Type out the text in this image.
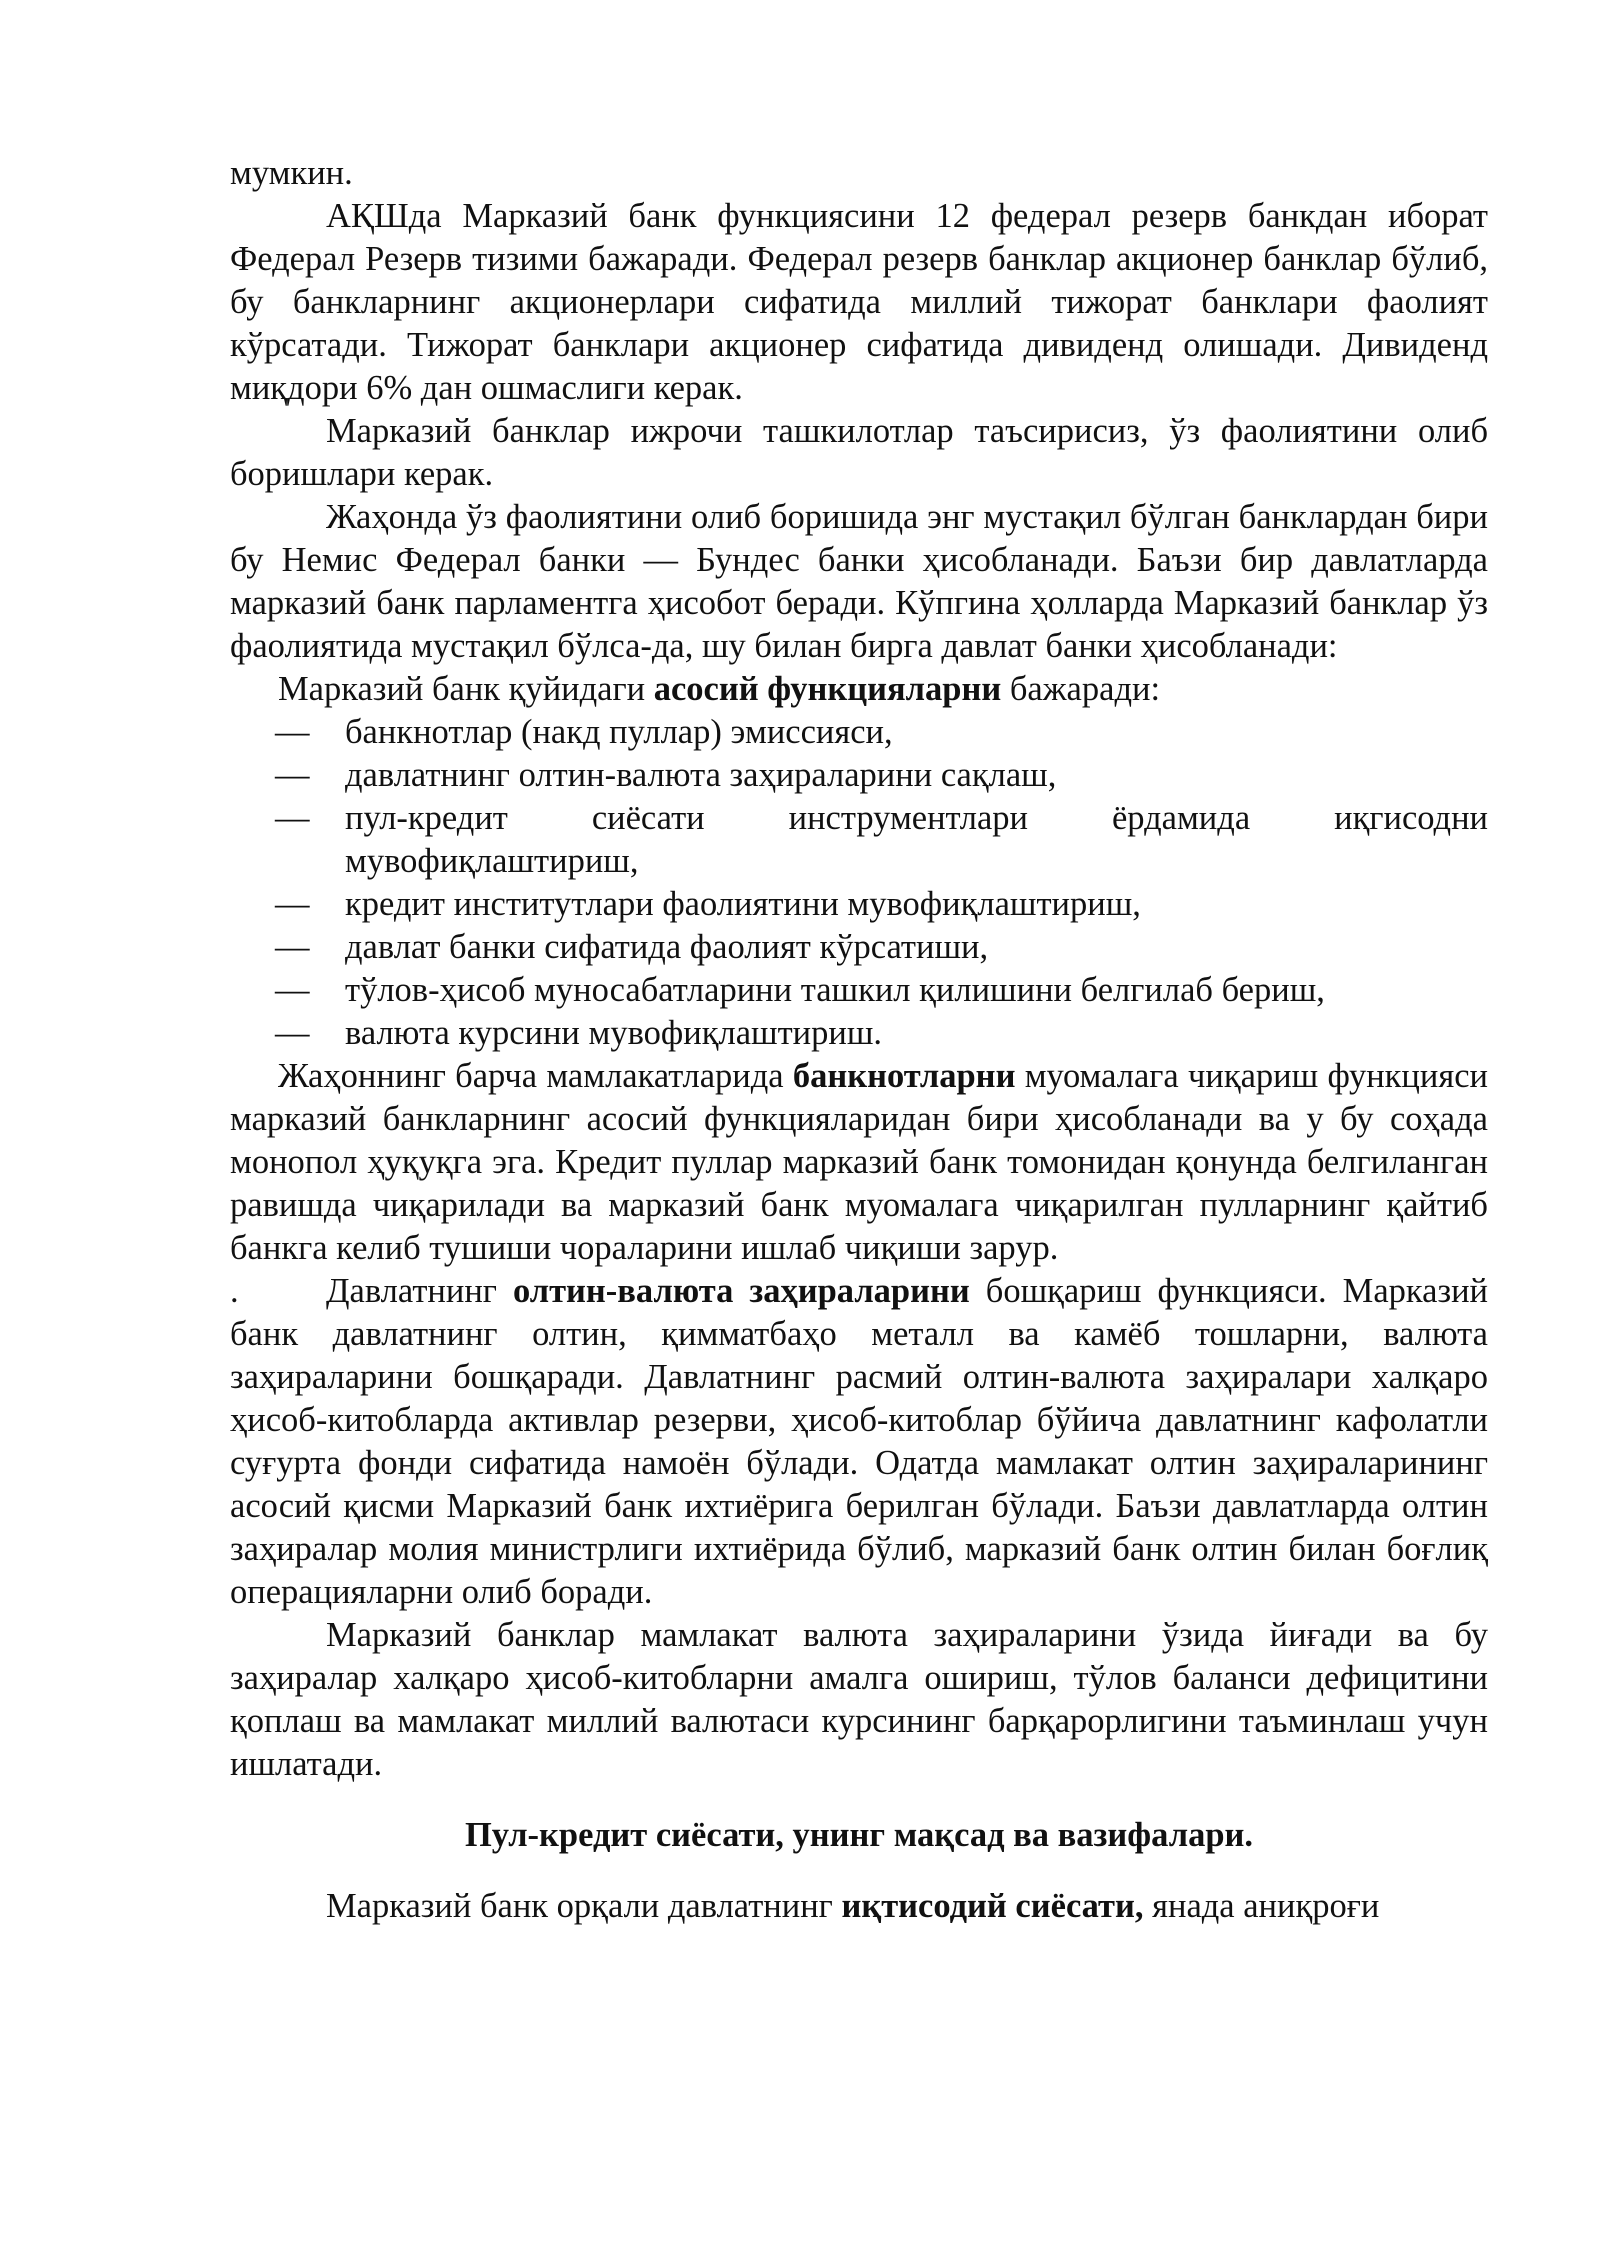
мумкин.

АҚШда Марказий банк функциясини 12 федерал резерв банкдан иборат Федерал Резерв тизими бажаради. Федерал резерв банклар акционер банклар бўлиб, бу банкларнинг акционерлари сифатида миллий тижорат банклари фаолият кўрсатади. Тижорат банклари акционер сифатида дивиденд олишади. Дивиденд миқдори 6% дан ошмаслиги керак.

Марказий банклар ижрочи ташкилотлар таъсирисиз, ўз фаолиятини олиб боришлари керак.

Жаҳонда ўз фаолиятини олиб боришида энг мустақил бўлган банклардан бири бу Немис Федерал банки — Бундес банки ҳисобланади. Баъзи бир давлатларда марказий банк парламентга ҳисобот беради. Кўпгина ҳолларда Марказий банклар ўз фаолиятида мустақил бўлса-да, шу билан бирга давлат банки ҳисобланади:

Марказий банк қуйидаги асосий функцияларни бажаради:

— банкнотлар (накд пуллар) эмиссияси,
— давлатнинг олтин-валюта заҳираларини сақлаш,
— пул-кредит сиёсати инструментлари ёрдамида иқгисодни мувофиқлаштириш,
— кредит институтлари фаолиятини мувофиқлаштириш,
— давлат банки сифатида фаолият кўрсатиши,
— тўлов-ҳисоб муносабатларини ташкил қилишини белгилаб бериш,
— валюта курсини мувофиқлаштириш.

Жаҳоннинг барча мамлакатларида банкнотларни муомалага чиқариш функцияси марказий банкларнинг асосий функцияларидан бири ҳисобланади ва у бу соҳада монопол ҳуқуқга эга. Кредит пуллар марказий банк томонидан қонунда белгиланган равишда чиқарилади ва марказий банк муомалага чиқарилган пулларнинг қайтиб банкга келиб тушиши чораларини ишлаб чиқиши зарур.

.	Давлатнинг олтин-валюта заҳираларини бошқариш функцияси. Марказий банк давлатнинг олтин, қимматбаҳо металл ва камёб тошларни, валюта заҳираларини бошқаради. Давлатнинг расмий олтин-валюта заҳиралари халқаро ҳисоб-китобларда активлар резерви, ҳисоб-китоблар бўйича давлатнинг кафолатли суғурта фонди сифатида намоён бўлади. Одатда мамлакат олтин заҳираларининг асосий қисми Марказий банк ихтиёрига берилган бўлади. Баъзи давлатларда олтин заҳиралар молия министрлиги ихтиёрида бўлиб, марказий банк олтин билан боғлиқ операцияларни олиб боради.

Марказий банклар мамлакат валюта заҳираларини ўзида йиғади ва бу заҳиралар халқаро ҳисоб-китобларни амалга ошириш, тўлов баланси дефицитини қоплаш ва мамлакат миллий валютаси курсининг барқарорлигини таъминлаш учун ишлатади.

Пул-кредит сиёсати, унинг мақсад ва вазифалари.

Марказий банк орқали давлатнинг иқтисодий сиёсати, янада аниқроғи
